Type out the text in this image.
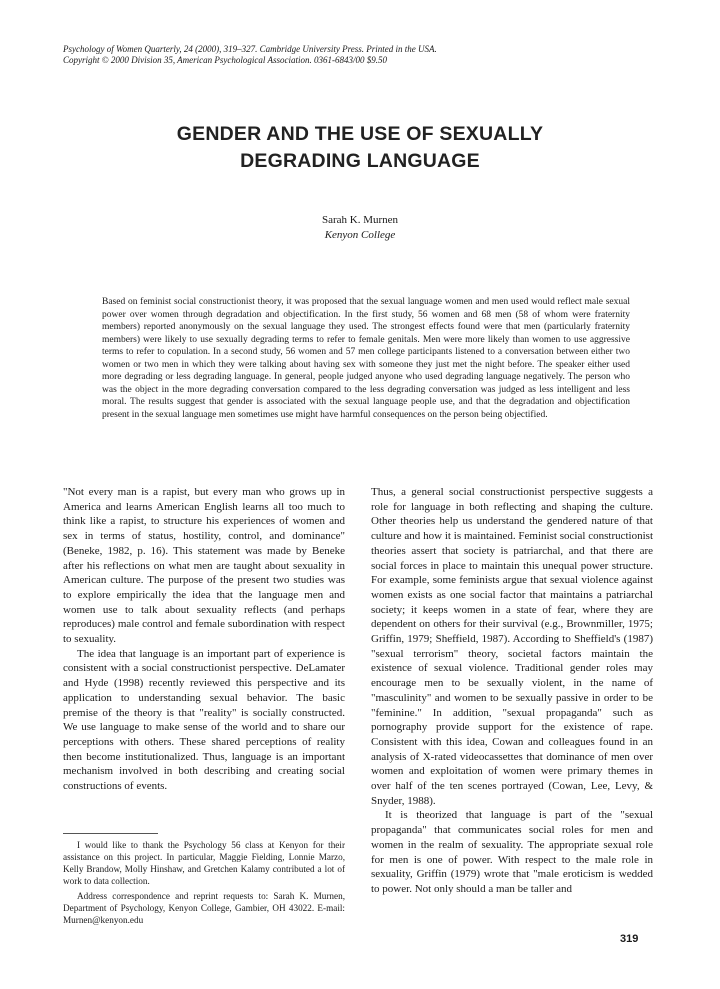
Psychology of Women Quarterly, 24 (2000), 319–327. Cambridge University Press. Printed in the USA.
Copyright © 2000 Division 35, American Psychological Association. 0361-6843/00 $9.50
GENDER AND THE USE OF SEXUALLY
DEGRADING LANGUAGE
Sarah K. Murnen
Kenyon College
Based on feminist social constructionist theory, it was proposed that the sexual language women and men used would reflect male sexual power over women through degradation and objectification. In the first study, 56 women and 68 men (58 of whom were fraternity members) reported anonymously on the sexual language they used. The strongest effects found were that men (particularly fraternity members) were likely to use sexually degrading terms to refer to female genitals. Men were more likely than women to use aggressive terms to refer to copulation. In a second study, 56 women and 57 men college participants listened to a conversation between either two women or two men in which they were talking about having sex with someone they just met the night before. The speaker either used more degrading or less degrading language. In general, people judged anyone who used degrading language negatively. The person who was the object in the more degrading conversation compared to the less degrading conversation was judged as less intelligent and less moral. The results suggest that gender is associated with the sexual language people use, and that the degradation and objectification present in the sexual language men sometimes use might have harmful consequences on the person being objectified.

"Not every man is a rapist, but every man who grows up in America and learns American English learns all too much to think like a rapist, to structure his experiences of women and sex in terms of status, hostility, control, and dominance" (Beneke, 1982, p. 16). This statement was made by Beneke after his reflections on what men are taught about sexuality in American culture. The purpose of the present two studies was to explore empirically the idea that the language men and women use to talk about sexuality reflects (and perhaps reproduces) male control and female subordination with respect to sexuality.

The idea that language is an important part of experience is consistent with a social constructionist perspective. DeLamater and Hyde (1998) recently reviewed this perspective and its application to understanding sexual behavior. The basic premise of the theory is that "reality" is socially constructed. We use language to make sense of the world and to share our perceptions with others. These shared perceptions of reality then become institutionalized. Thus, language is an important mechanism involved in both describing and creating social constructions of events.

I would like to thank the Psychology 56 class at Kenyon for their assistance on this project. In particular, Maggie Fielding, Lonnie Marzo, Kelly Brandow, Molly Hinshaw, and Gretchen Kalamy contributed a lot of work to data collection.
Address correspondence and reprint requests to: Sarah K. Murnen, Department of Psychology, Kenyon College, Gambier, OH 43022. E-mail: Murnen@kenyon.edu

Thus, a general social constructionist perspective suggests a role for language in both reflecting and shaping the culture. Other theories help us understand the gendered nature of that culture and how it is maintained. Feminist social constructionist theories assert that society is patriarchal, and that there are social forces in place to maintain this unequal power structure. For example, some feminists argue that sexual violence against women exists as one social factor that maintains a patriarchal society; it keeps women in a state of fear, where they are dependent on others for their survival (e.g., Brownmiller, 1975; Griffin, 1979; Sheffield, 1987). According to Sheffield's (1987) "sexual terrorism" theory, societal factors maintain the existence of sexual violence. Traditional gender roles may encourage men to be sexually violent, in the name of "masculinity" and women to be sexually passive in order to be "feminine." In addition, "sexual propaganda" such as pornography provide support for the existence of rape. Consistent with this idea, Cowan and colleagues found in an analysis of X-rated videocassettes that dominance of men over women and exploitation of women were primary themes in over half of the ten scenes portrayed (Cowan, Lee, Levy, & Snyder, 1988).

It is theorized that language is part of the "sexual propaganda" that communicates social roles for men and women in the realm of sexuality. The appropriate sexual role for men is one of power. With respect to the male role in sexuality, Griffin (1979) wrote that "male eroticism is wedded to power. Not only should a man be taller and

319
